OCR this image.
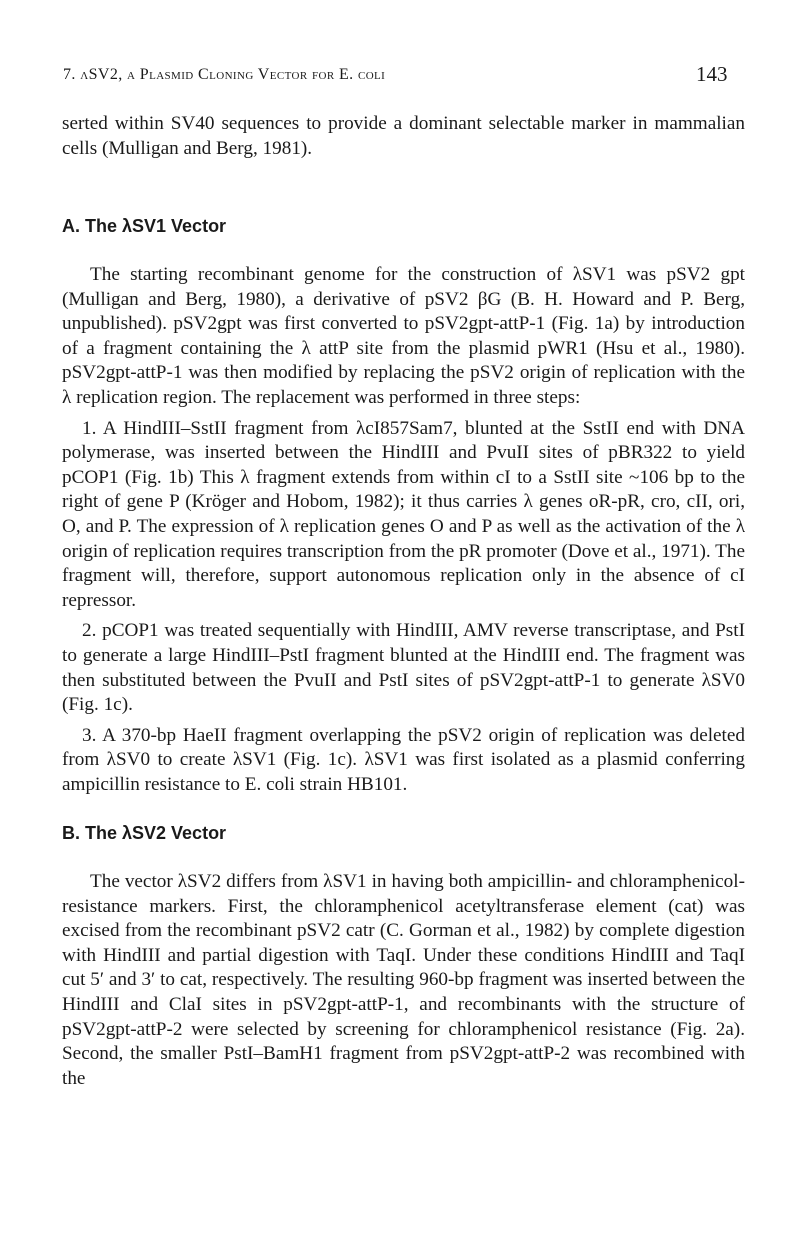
7. λSV2, a Plasmid Cloning Vector for E. coli	143

serted within SV40 sequences to provide a dominant selectable marker in mammalian cells (Mulligan and Berg, 1981).

A. The λSV1 Vector

The starting recombinant genome for the construction of λSV1 was pSV2 gpt (Mulligan and Berg, 1980), a derivative of pSV2 βG (B. H. Howard and P. Berg, unpublished). pSV2gpt was first converted to pSV2gpt-attP-1 (Fig. 1a) by introduction of a fragment containing the λ attP site from the plasmid pWR1 (Hsu et al., 1980). pSV2gpt-attP-1 was then modified by replacing the pSV2 origin of replication with the λ replication region. The replacement was performed in three steps:

1. A HindIII–SstII fragment from λcI857Sam7, blunted at the SstII end with DNA polymerase, was inserted between the HindIII and PvuII sites of pBR322 to yield pCOP1 (Fig. 1b) This λ fragment extends from within cI to a SstII site ~106 bp to the right of gene P (Kröger and Hobom, 1982); it thus carries λ genes oR-pR, cro, cII, ori, O, and P. The expression of λ replication genes O and P as well as the activation of the λ origin of replication requires transcription from the pR promoter (Dove et al., 1971). The fragment will, therefore, support autonomous replication only in the absence of cI repressor.

2. pCOP1 was treated sequentially with HindIII, AMV reverse transcriptase, and PstI to generate a large HindIII–PstI fragment blunted at the HindIII end. The fragment was then substituted between the PvuII and PstI sites of pSV2gpt-attP-1 to generate λSV0 (Fig. 1c).

3. A 370-bp HaeII fragment overlapping the pSV2 origin of replication was deleted from λSV0 to create λSV1 (Fig. 1c). λSV1 was first isolated as a plasmid conferring ampicillin resistance to E. coli strain HB101.

B. The λSV2 Vector

The vector λSV2 differs from λSV1 in having both ampicillin- and chloramphenicol-resistance markers. First, the chloramphenicol acetyltransferase element (cat) was excised from the recombinant pSV2 catr (C. Gorman et al., 1982) by complete digestion with HindIII and partial digestion with TaqI. Under these conditions HindIII and TaqI cut 5′ and 3′ to cat, respectively. The resulting 960-bp fragment was inserted between the HindIII and ClaI sites in pSV2gpt-attP-1, and recombinants with the structure of pSV2gpt-attP-2 were selected by screening for chloramphenicol resistance (Fig. 2a). Second, the smaller PstI–BamH1 fragment from pSV2gpt-attP-2 was recombined with the
